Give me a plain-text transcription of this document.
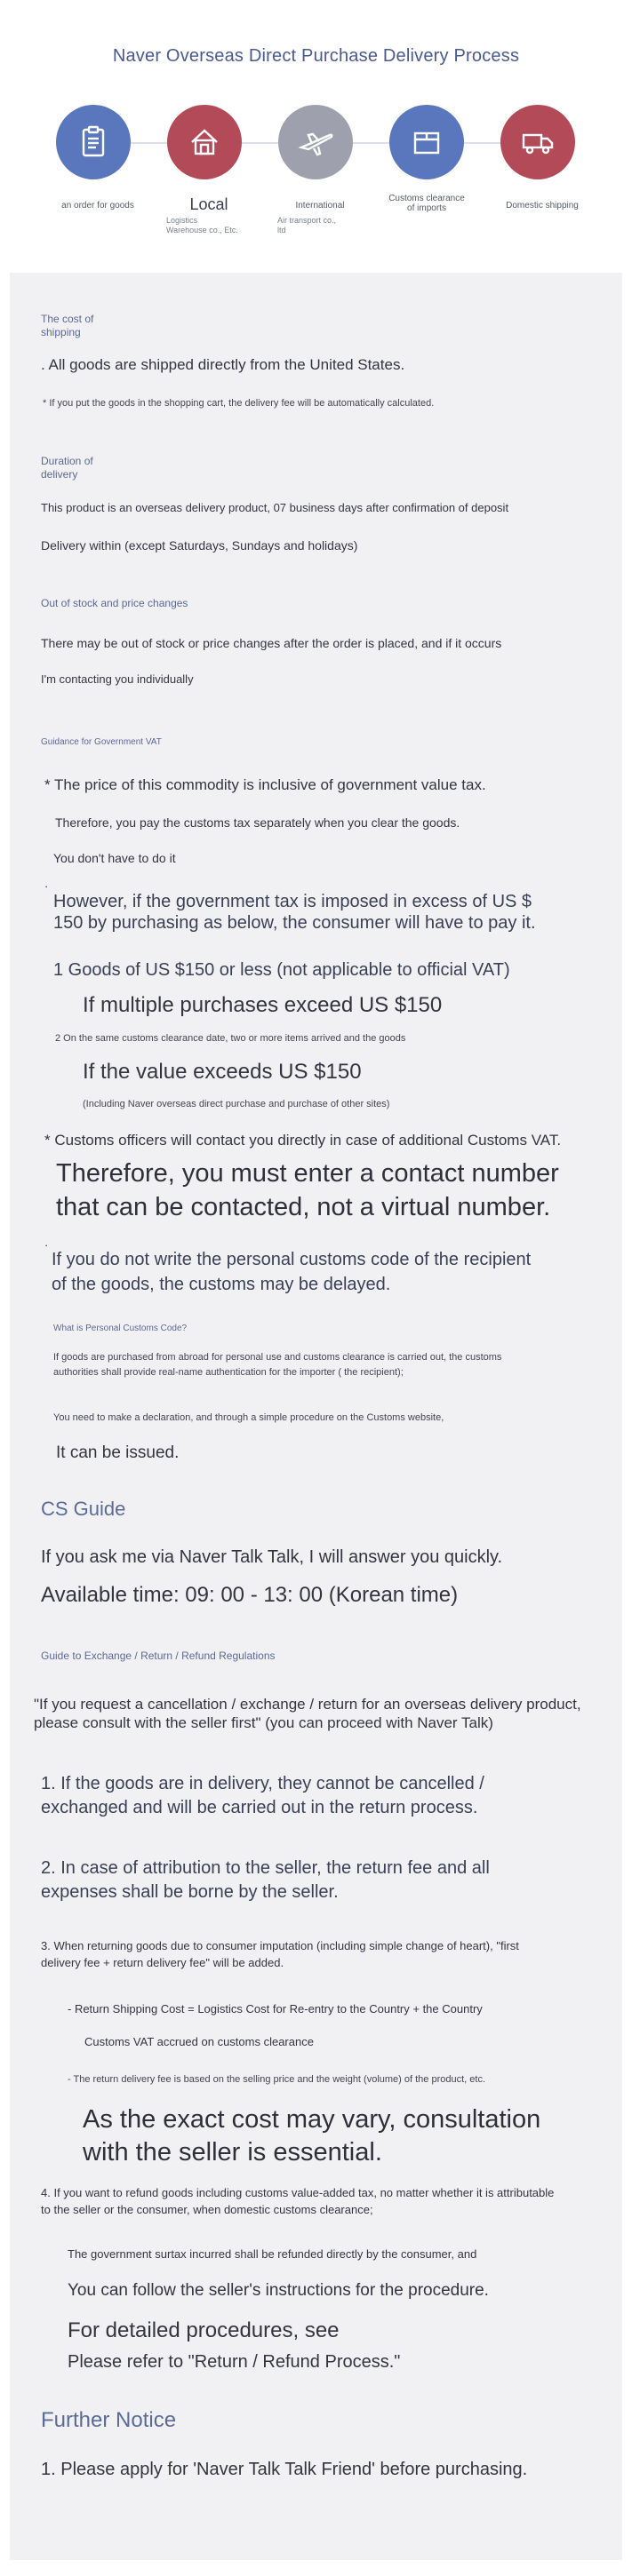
Naver Overseas Direct Purchase Delivery Process
an order for goods	Local
Logistics
Warehouse co., Etc.
International
Air transport co.,
ltd
Customs clearance
of imports	Domestic shipping
The cost of shipping
. All goods are shipped directly from the United States.
* If you put the goods in the shopping cart, the delivery fee will be automatically calculated.
Duration of delivery
This product is an overseas delivery product, 07 business days after confirmation of deposit
Delivery within (except Saturdays, Sundays and holidays)
Out of stock and price changes
There may be out of stock or price changes after the order is placed, and if it occurs
I'm contacting you individually
Guidance for Government VAT
* The price of this commodity is inclusive of government value tax.
Therefore, you pay the customs tax separately when you clear the goods.
You don't have to do it
·
However, if the government tax is imposed in excess of US $ 150 by purchasing as below, the consumer will have to pay it.
1 Goods of US $150 or less (not applicable to official VAT)
If multiple purchases exceed US $150
2 On the same customs clearance date, two or more items arrived and the goods
If the value exceeds US $150
(Including Naver overseas direct purchase and purchase of other sites)
* Customs officers will contact you directly in case of additional Customs VAT.
Therefore, you must enter a contact number that can be contacted, not a virtual number.
·
If you do not write the personal customs code of the recipient of the goods, the customs may be delayed.
What is Personal Customs Code?
If goods are purchased from abroad for personal use and customs clearance is carried out, the customs authorities shall provide real-name authentication for the importer ( the recipient);
You need to make a declaration, and through a simple procedure on the Customs website,
It can be issued.
CS Guide
If you ask me via Naver Talk Talk, I will answer you quickly.
Available time: 09: 00 - 13: 00 (Korean time)
Guide to Exchange / Return / Refund Regulations
"If you request a cancellation / exchange / return for an overseas delivery product, please consult with the seller first" (you can proceed with Naver Talk)
1. If the goods are in delivery, they cannot be cancelled / exchanged and will be carried out in the return process.
2. In case of attribution to the seller, the return fee and all expenses shall be borne by the seller.
3. When returning goods due to consumer imputation (including simple change of heart), "first delivery fee + return delivery fee" will be added.
- Return Shipping Cost = Logistics Cost for Re-entry to the Country + the Country
Customs VAT accrued on customs clearance
- The return delivery fee is based on the selling price and the weight (volume) of the product, etc.
As the exact cost may vary, consultation with the seller is essential.
4. If you want to refund goods including customs value-added tax, no matter whether it is attributable to the seller or the consumer, when domestic customs clearance;
The government surtax incurred shall be refunded directly by the consumer, and
You can follow the seller's instructions for the procedure.
For detailed procedures, see
Please refer to "Return / Refund Process."
Further Notice
1. Please apply for 'Naver Talk Talk Friend' before purchasing.
